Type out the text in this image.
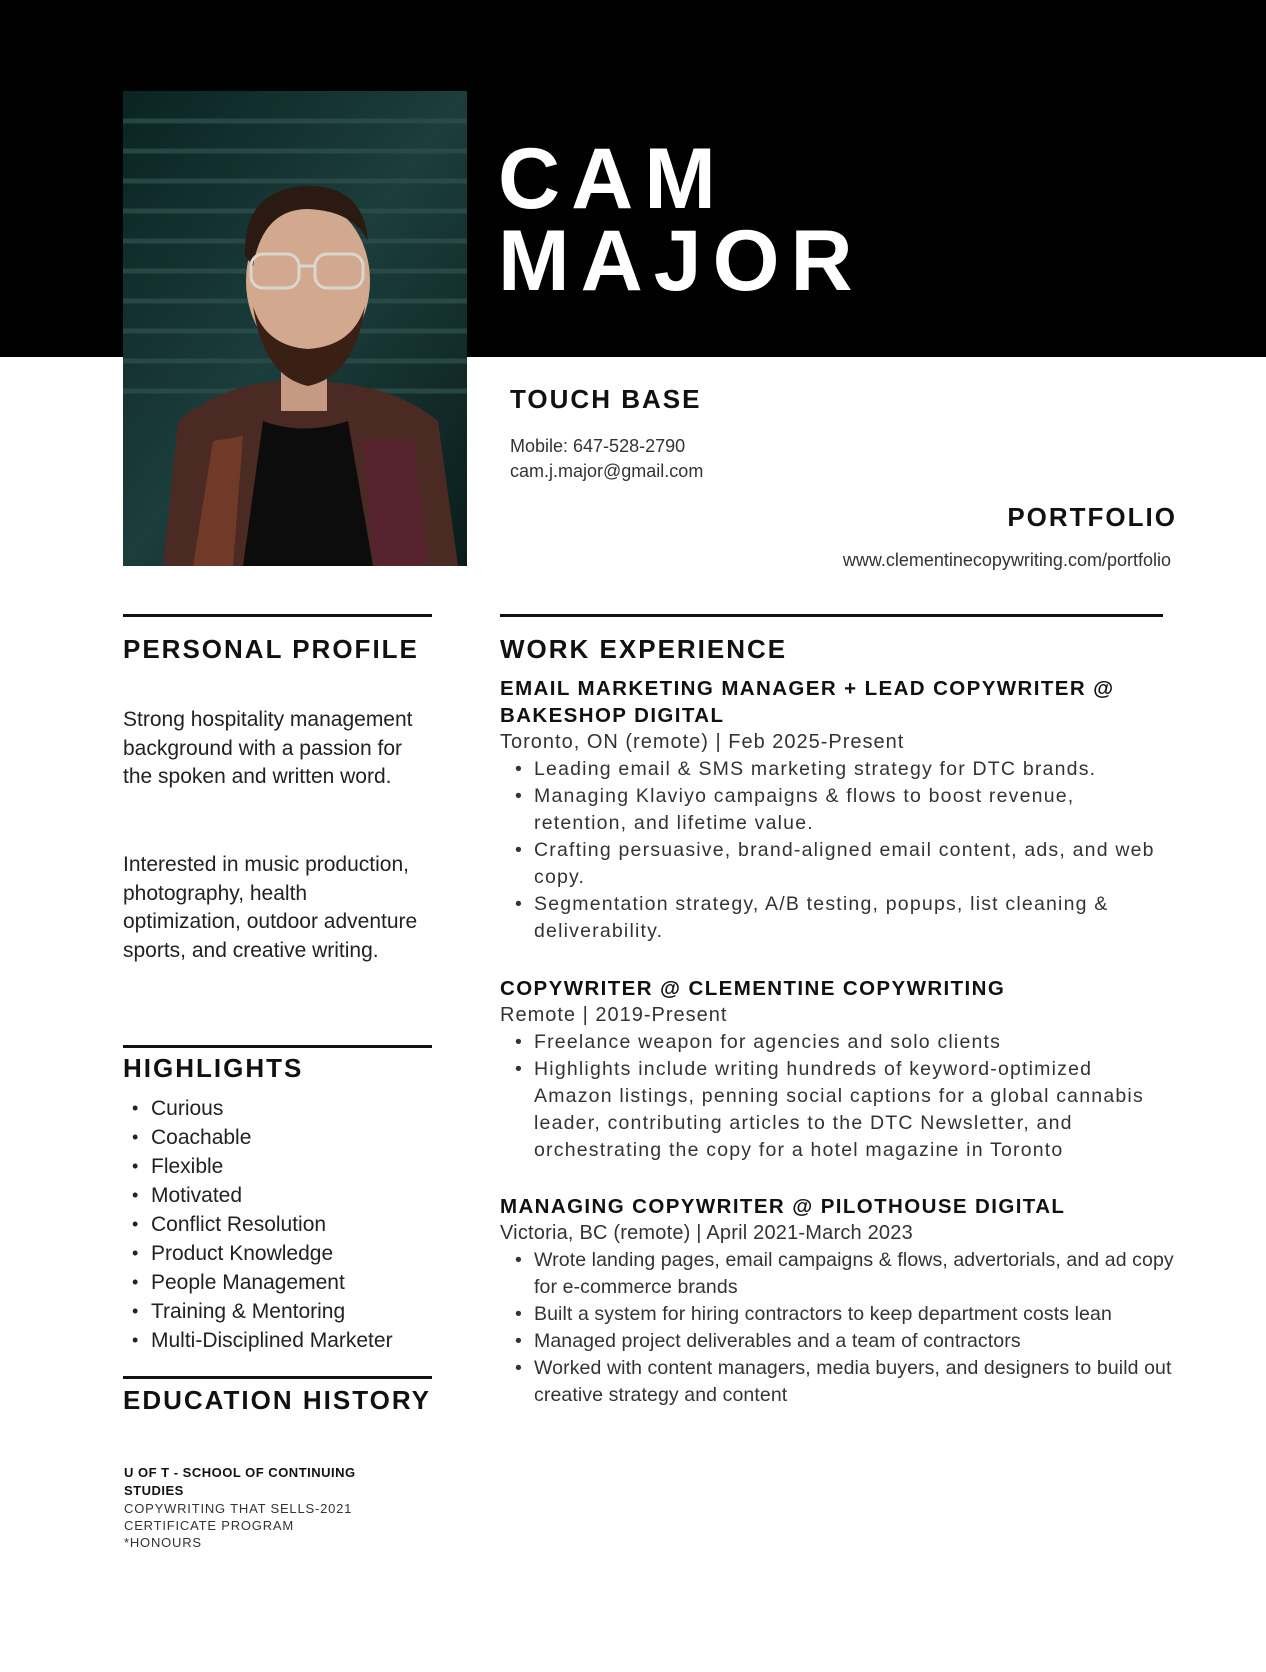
CAM
MAJOR
TOUCH BASE
Mobile: 647-528-2790
cam.j.major@gmail.com
PORTFOLIO
www.clementinecopywriting.com/portfolio
PERSONAL PROFILE

Strong hospitality management background with a passion for the spoken and written word.

Interested in music production, photography, health optimization, outdoor adventure sports, and creative writing.

HIGHLIGHTS
• Curious
• Coachable
• Flexible
• Motivated
• Conflict Resolution
• Product Knowledge
• People Management
• Training & Mentoring
• Multi-Disciplined Marketer
EDUCATION HISTORY

U OF T - SCHOOL OF CONTINUING STUDIES

COPYWRITING THAT SELLS-2021
CERTIFICATE PROGRAM
*HONOURS
WORK EXPERIENCE

EMAIL MARKETING MANAGER + LEAD COPYWRITER @ BAKESHOP DIGITAL

Toronto, ON (remote) | Feb 2025-Present

• Leading email & SMS marketing strategy for DTC brands.
• Managing Klaviyo campaigns & flows to boost revenue, retention, and lifetime value.
• Crafting persuasive, brand-aligned email content, ads, and web copy.
• Segmentation strategy, A/B testing, popups, list cleaning & deliverability.

COPYWRITER @ CLEMENTINE COPYWRITING

Remote | 2019-Present

• Freelance weapon for agencies and solo clients
• Highlights include writing hundreds of keyword-optimized Amazon listings, penning social captions for a global cannabis leader, contributing articles to the DTC Newsletter, and orchestrating the copy for a hotel magazine in Toronto

MANAGING COPYWRITER @ PILOTHOUSE DIGITAL

Victoria, BC (remote) | April 2021-March 2023

• Wrote landing pages, email campaigns & flows, advertorials, and ad copy for e-commerce brands
• Built a system for hiring contractors to keep department costs lean
• Managed project deliverables and a team of contractors
• Worked with content managers, media buyers, and designers to build out creative strategy and content
